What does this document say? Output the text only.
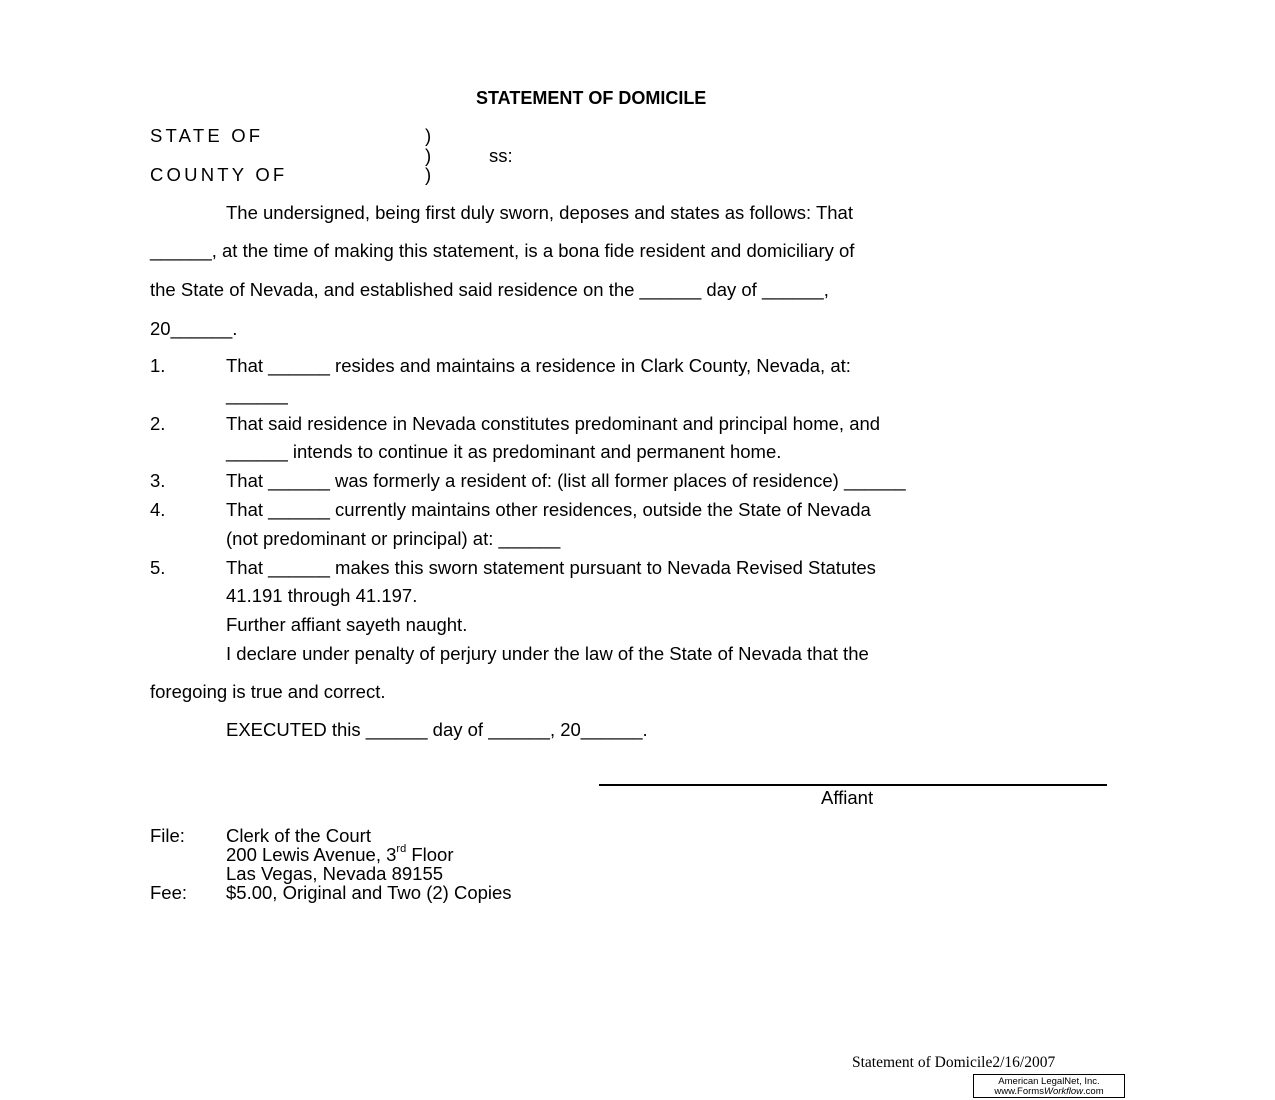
STATEMENT OF DOMICILE
STATE OF	)
)	ss:
COUNTY OF	)
The undersigned, being first duly sworn, deposes and states as follows: That
______, at the time of making this statement, is a bona fide resident and domiciliary of
the State of Nevada, and established said residence on the ______ day of ______,
20______.
1.	That ______ resides and maintains a residence in Clark County, Nevada, at:
______
2.	That said residence in Nevada constitutes predominant and principal home, and
______ intends to continue it as predominant and permanent home.
3.	That ______ was formerly a resident of: (list all former places of residence) ______
4.	That ______ currently maintains other residences, outside the State of Nevada
(not predominant or principal) at: ______
5.	That ______ makes this sworn statement pursuant to Nevada Revised Statutes
41.191 through 41.197.
Further affiant sayeth naught.
I declare under penalty of perjury under the law of the State of Nevada that the
foregoing is true and correct.
EXECUTED this ______ day of ______, 20______.
Affiant
File: Clerk of the Court
200 Lewis Avenue, 3rd Floor
Las Vegas, Nevada 89155
Fee: $5.00, Original and Two (2) Copies
Statement of Domicile2/16/2007
American LegalNet, Inc.
www.FormsWorkflow.com
